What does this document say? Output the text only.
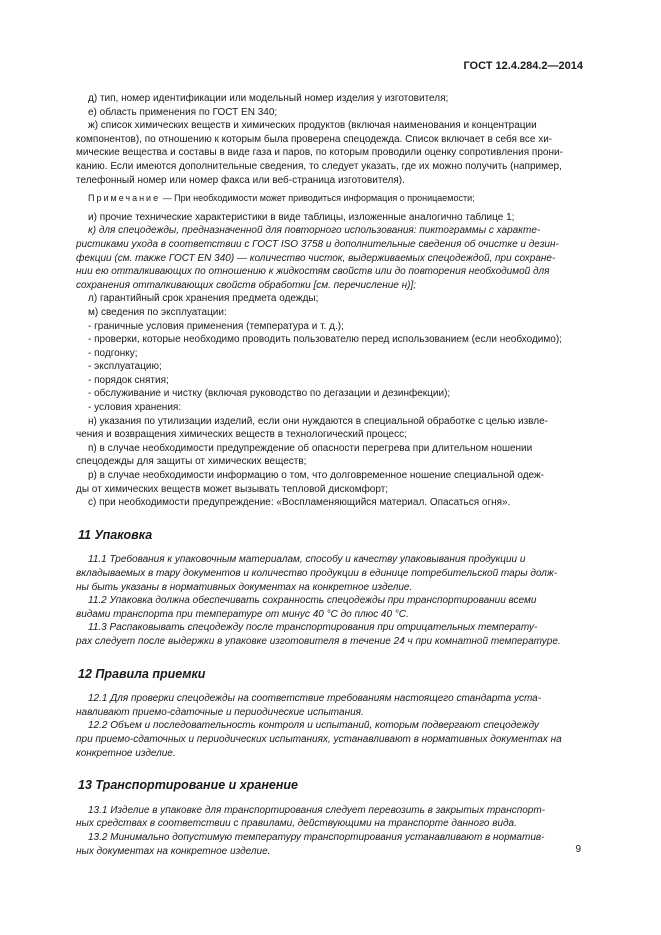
ГОСТ 12.4.284.2—2014
д) тип, номер идентификации или модельный номер изделия у изготовителя;
е) область применения по ГОСТ EN 340;
ж) список химических веществ и химических продуктов (включая наименования и концентрации
компонентов), по отношению к которым была проверена спецодежда. Список включает в себя все хи-
мические вещества и составы в виде газа и паров, по которым проводили оценку сопротивления прони-
канию. Если имеются дополнительные сведения, то следует указать, где их можно получить (например,
телефонный номер или номер факса или веб-страница изготовителя).
Примечание — При необходимости может приводиться информация о проницаемости;
и) прочие технические характеристики в виде таблицы, изложенные аналогично таблице 1;
к) для спецодежды, предназначенной для повторного использования: пиктограммы с характе-
ристиками ухода в соответствии с ГОСТ ISO 3758 и дополнительные сведения об очистке и дезин-
фекции (см. также ГОСТ EN 340) — количество чисток, выдерживаемых спецодеждой, при сохране-
нии ею отталкивающих по отношению к жидкостям свойств или до повторения необходимой для
сохранения отталкивающих свойств обработки [см. перечисление н)];
л) гарантийный срок хранения предмета одежды;
м) сведения по эксплуатации:
- граничные условия применения (температура и т. д.);
- проверки, которые необходимо проводить пользователю перед использованием (если необходимо);
- подгонку;
- эксплуатацию;
- порядок снятия;
- обслуживание и чистку (включая руководство по дегазации и дезинфекции);
- условия хранения:
н) указания по утилизации изделий, если они нуждаются в специальной обработке с целью извле-
чения и возвращения химических веществ в технологический процесс;
п) в случае необходимости предупреждение об опасности перегрева при длительном ношении
спецодежды для защиты от химических веществ;
р) в случае необходимости информацию о том, что долговременное ношение специальной одеж-
ды от химических веществ может вызывать тепловой дискомфорт;
с) при необходимости предупреждение: «Воспламеняющийся материал. Опасаться огня».
11 Упаковка
11.1 Требования к упаковочным материалам, способу и качеству упаковывания продукции и
вкладываемых в тару документов и количество продукции в единице потребительской тары долж-
ны быть указаны в нормативных документах на конкретное изделие.
11.2 Упаковка должна обеспечивать сохранность спецодежды при транспортировании всеми
видами транспорта при температуре от минус 40 °С до плюс 40 °С.
11.3 Распаковывать спецодежду после транспортирования при отрицательных температу-
рах следует после выдержки в упаковке изготовителя в течение 24 ч при комнатной температуре.
12 Правила приемки
12.1 Для проверки спецодежды на соответствие требованиям настоящего стандарта уста-
навливают приемо-сдаточные и периодические испытания.
12.2 Объем и последовательность контроля и испытаний, которым подвергают спецодежду
при приемо-сдаточных и периодических испытаниях, устанавливают в нормативных документах на
конкретное изделие.
13 Транспортирование и хранение
13.1 Изделие в упаковке для транспортирования следует перевозить в закрытых транспорт-
ных средствах в соответствии с правилами, действующими на транспорте данного вида.
13.2 Минимально допустимую температуру транспортирования устанавливают в норматив-
ных документах на конкретное изделие.	9
